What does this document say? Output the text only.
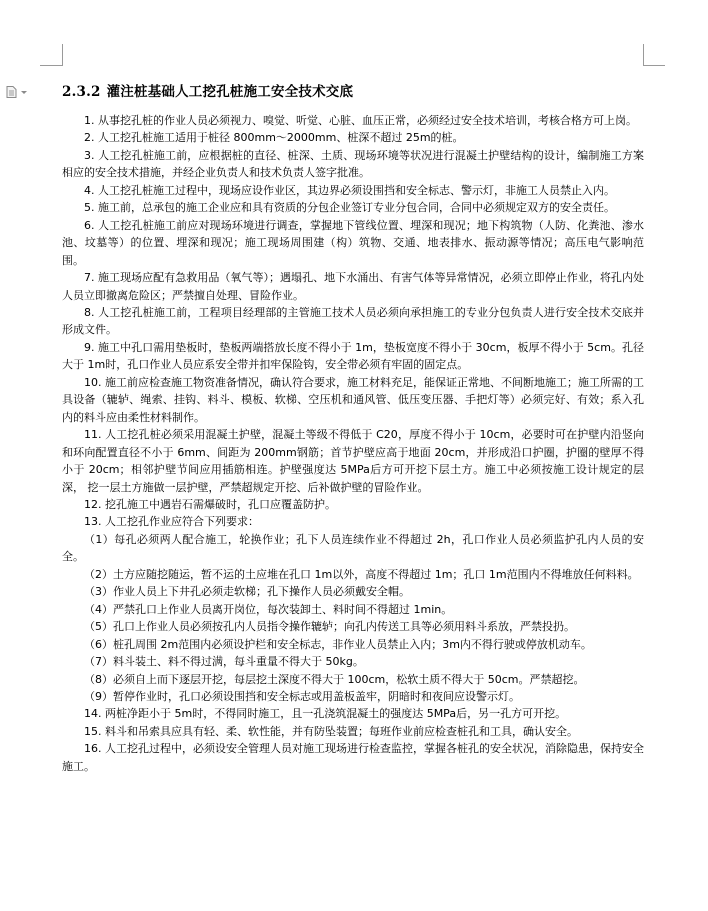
2.3.2 灌注桩基础人工挖孔桩施工安全技术交底

1. 从事挖孔桩的作业人员必须视力、嗅觉、听觉、心脏、血压正常，必须经过安全技术培训，考核合格方可上岗。

2. 人工挖孔桩施工适用于桩径 800mm～2000mm、桩深不超过 25m的桩。

3. 人工挖孔桩施工前，应根据桩的直径、桩深、土质、现场环境等状况进行混凝土护壁结构的设计，编制施工方案相应的安全技术措施，并经企业负责人和技术负责人签字批准。

4. 人工挖孔桩施工过程中，现场应设作业区，其边界必须设围挡和安全标志、警示灯，非施工人员禁止入内。

5. 施工前，总承包的施工企业应和具有资质的分包企业签订专业分包合同，合同中必须规定双方的安全责任。

6. 人工挖孔桩施工前应对现场环境进行调查，掌握地下管线位置、埋深和现况；地下构筑物（人防、化粪池、渗水池、坟墓等）的位置、埋深和现况；施工现场周围建（构）筑物、交通、地表排水、振动源等情况；高压电气影响范围。

7. 施工现场应配有急救用品（氧气等）；遇塌孔、地下水涌出、有害气体等异常情况，必须立即停止作业，将孔内处人员立即撤离危险区；严禁擅自处理、冒险作业。

8. 人工挖孔桩施工前，工程项目经理部的主管施工技术人员必须向承担施工的专业分包负责人进行安全技术交底并形成文件。

9. 施工中孔口需用垫板时，垫板两端搭放长度不得小于 1m，垫板宽度不得小于 30cm，板厚不得小于 5cm。孔径大于 1m时，孔口作业人员应系安全带并扣牢保险钩，安全带必须有牢固的固定点。

10. 施工前应检查施工物资准备情况，确认符合要求，施工材料充足，能保证正常地、不间断地施工；施工所需的工具设备（辘轳、绳索、挂钩、料斗、模板、软梯、空压机和通风管、低压变压器、手把灯等）必须完好、有效；系入孔内的料斗应由柔性材料制作。

11. 人工挖孔桩必须采用混凝土护壁，混凝土等级不得低于 C20，厚度不得小于 10cm，必要时可在护壁内沿竖向和环向配置直径不小于 6mm、间距为 200mm钢筋；首节护壁应高于地面 20cm，并形成沿口护圈，护圈的壁厚不得小于 20cm；相邻护壁节间应用插筋相连。护壁强度达 5MPa后方可开挖下层土方。施工中必须按施工设计规定的层深， 挖一层土方施做一层护壁，严禁超规定开挖、后补做护壁的冒险作业。

12. 挖孔施工中遇岩石需爆破时，孔口应覆盖防护。

13. 人工挖孔作业应符合下列要求：

（1）每孔必须两人配合施工，轮换作业；孔下人员连续作业不得超过 2h，孔口作业人员必须监护孔内人员的安全。

（2）土方应随挖随运，暂不运的土应堆在孔口 1m以外，高度不得超过 1m；孔口 1m范围内不得堆放任何料料。

（3）作业人员上下井孔必须走软梯；孔下操作人员必须戴安全帽。

（4）严禁孔口上作业人员离开岗位，每次装卸土、料时间不得超过 1min。

（5）孔口上作业人员必须按孔内人员指令操作辘轳；向孔内传送工具等必须用料斗系放，严禁投扔。

（6）桩孔周围 2m范围内必须设护栏和安全标志，非作业人员禁止入内；3m内不得行驶或停放机动车。

（7）料斗装土、料不得过满，每斗重量不得大于 50kg。

（8）必须自上而下逐层开挖，每层挖土深度不得大于 100cm，松软土质不得大于 50cm。严禁超挖。

（9）暂停作业时，孔口必须设围挡和安全标志或用盖板盖牢，阴暗时和夜间应设警示灯。

14. 两桩净距小于 5m时，不得同时施工，且一孔浇筑混凝土的强度达 5MPa后，另一孔方可开挖。

15. 料斗和吊索具应具有轻、柔、软性能，并有防坠装置；每班作业前应检查桩孔和工具，确认安全。

16. 人工挖孔过程中，必须设安全管理人员对施工现场进行检查监控，掌握各桩孔的安全状况，消除隐患，保持安全施工。
